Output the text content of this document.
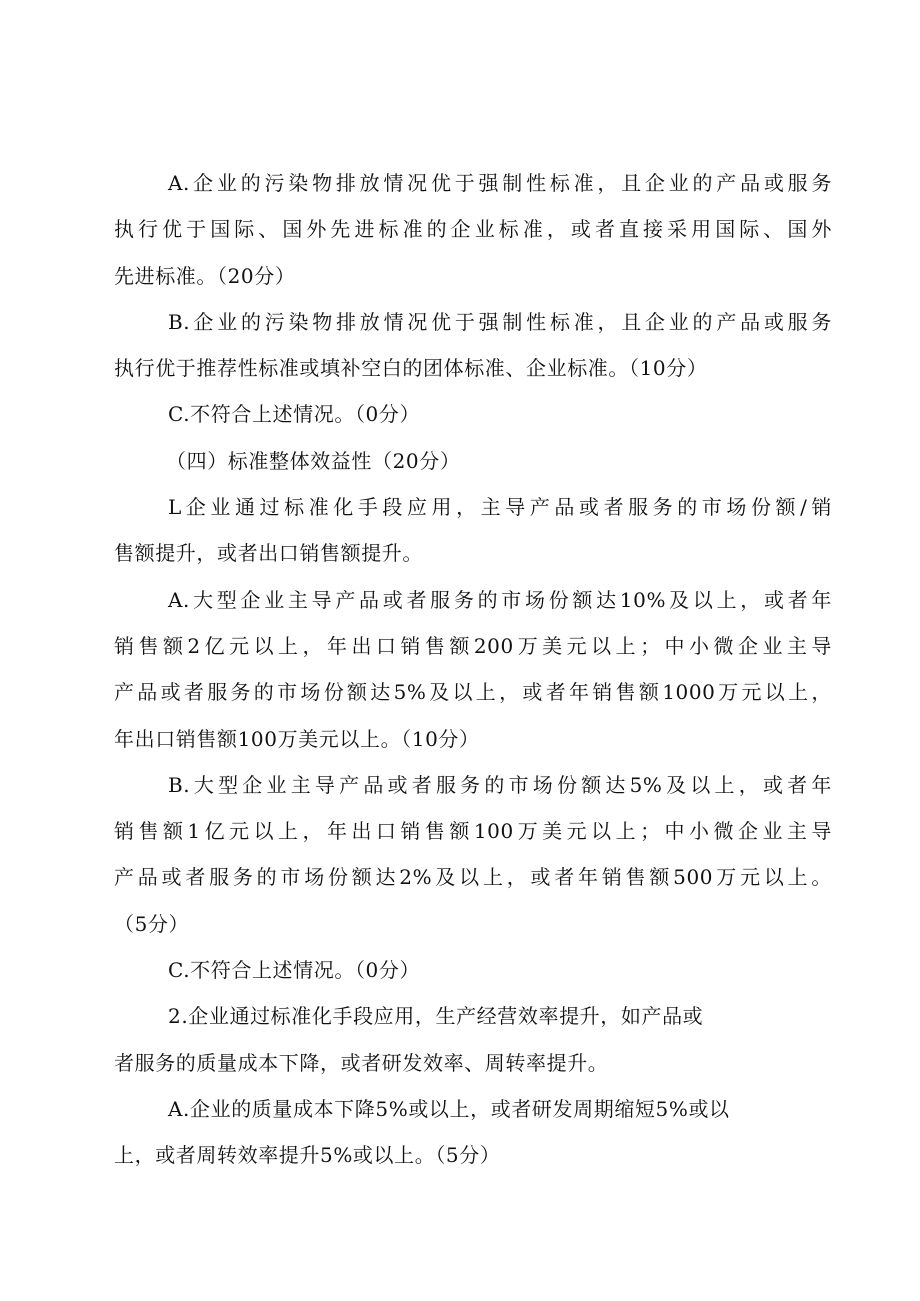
A.企业的污染物排放情况优于强制性标准，且企业的产品或服务
执行优于国际、国外先进标准的企业标准，或者直接采用国际、国外
先进标准。（20分）
B.企业的污染物排放情况优于强制性标准，且企业的产品或服务
执行优于推荐性标准或填补空白的团体标准、企业标准。（10分）
C.不符合上述情况。（0分）
（四）标准整体效益性（20分）
L企业通过标准化手段应用，主导产品或者服务的市场份额/销
售额提升，或者出口销售额提升。
A.大型企业主导产品或者服务的市场份额达10%及以上，或者年
销售额2亿元以上，年出口销售额200万美元以上；中小微企业主导
产品或者服务的市场份额达5%及以上，或者年销售额1000万元以上，
年出口销售额100万美元以上。（10分）
B.大型企业主导产品或者服务的市场份额达5%及以上，或者年
销售额1亿元以上，年出口销售额100万美元以上；中小微企业主导
产品或者服务的市场份额达2%及以上，或者年销售额500万元以上。
（5分）
C.不符合上述情况。（0分）
2.企业通过标准化手段应用，生产经营效率提升，如产品或
者服务的质量成本下降，或者研发效率、周转率提升。
A.企业的质量成本下降5%或以上，或者研发周期缩短5%或以
上，或者周转效率提升5%或以上。（5分）
